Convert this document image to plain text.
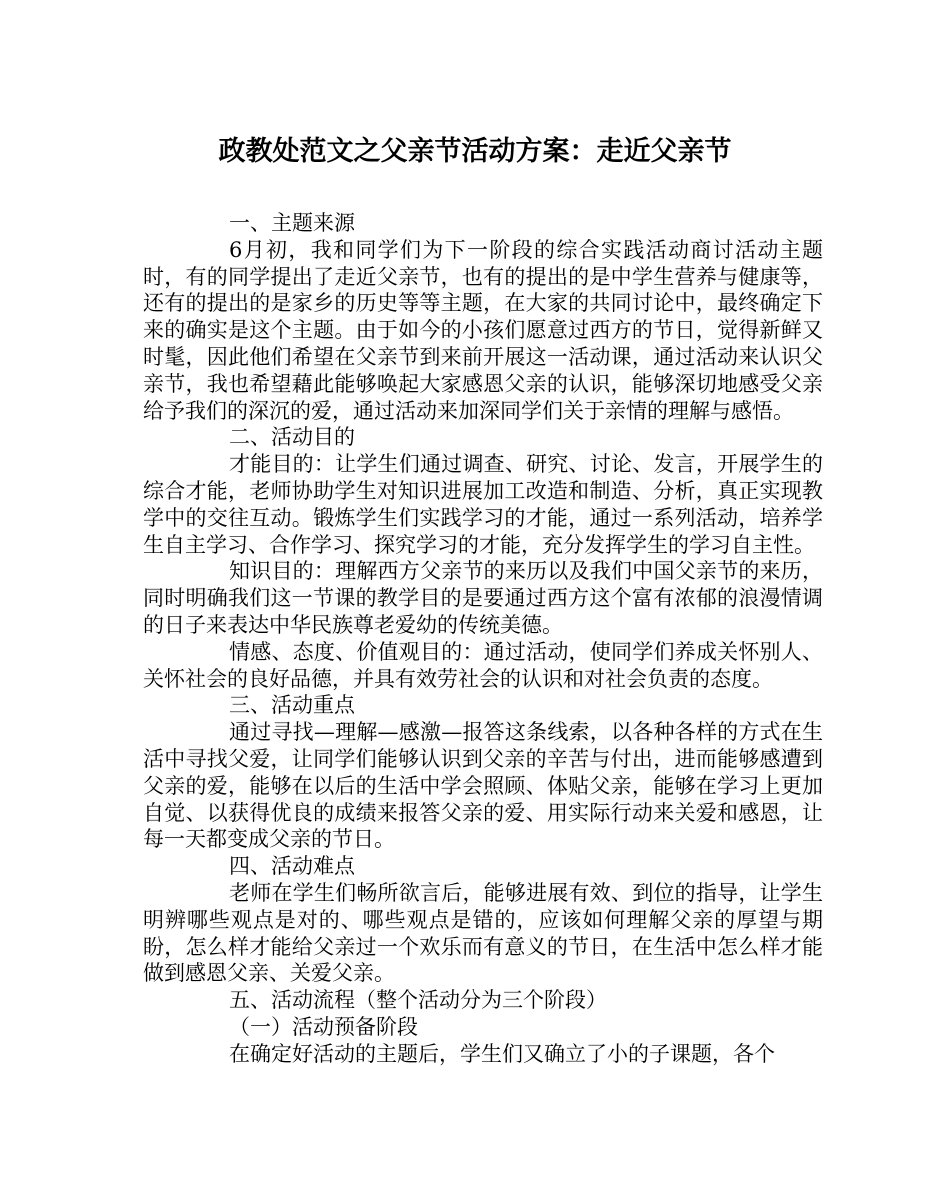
政教处范文之父亲节活动方案：走近父亲节

一、主题来源

6月初，我和同学们为下一阶段的综合实践活动商讨活动主题时，有的同学提出了走近父亲节，也有的提出的是中学生营养与健康等，还有的提出的是家乡的历史等等主题，在大家的共同讨论中，最终确定下来的确实是这个主题。由于如今的小孩们愿意过西方的节日，觉得新鲜又时髦，因此他们希望在父亲节到来前开展这一活动课，通过活动来认识父亲节，我也希望藉此能够唤起大家感恩父亲的认识，能够深切地感受父亲给予我们的深沉的爱，通过活动来加深同学们关于亲情的理解与感悟。

二、活动目的

才能目的：让学生们通过调查、研究、讨论、发言，开展学生的综合才能，老师协助学生对知识进展加工改造和制造、分析，真正实现教学中的交往互动。锻炼学生们实践学习的才能，通过一系列活动，培养学生自主学习、合作学习、探究学习的才能，充分发挥学生的学习自主性。

知识目的：理解西方父亲节的来历以及我们中国父亲节的来历，同时明确我们这一节课的教学目的是要通过西方这个富有浓郁的浪漫情调的日子来表达中华民族尊老爱幼的传统美德。

情感、态度、价值观目的：通过活动，使同学们养成关怀别人、关怀社会的良好品德，并具有效劳社会的认识和对社会负责的态度。

三、活动重点

通过寻找—理解—感激—报答这条线索，以各种各样的方式在生活中寻找父爱，让同学们能够认识到父亲的辛苦与付出，进而能够感遭到父亲的爱，能够在以后的生活中学会照顾、体贴父亲，能够在学习上更加自觉、以获得优良的成绩来报答父亲的爱、用实际行动来关爱和感恩，让每一天都变成父亲的节日。

四、活动难点

老师在学生们畅所欲言后，能够进展有效、到位的指导，让学生明辨哪些观点是对的、哪些观点是错的，应该如何理解父亲的厚望与期盼，怎么样才能给父亲过一个欢乐而有意义的节日，在生活中怎么样才能做到感恩父亲、关爱父亲。

五、活动流程（整个活动分为三个阶段）

（一）活动预备阶段

在确定好活动的主题后，学生们又确立了小的子课题，各个
